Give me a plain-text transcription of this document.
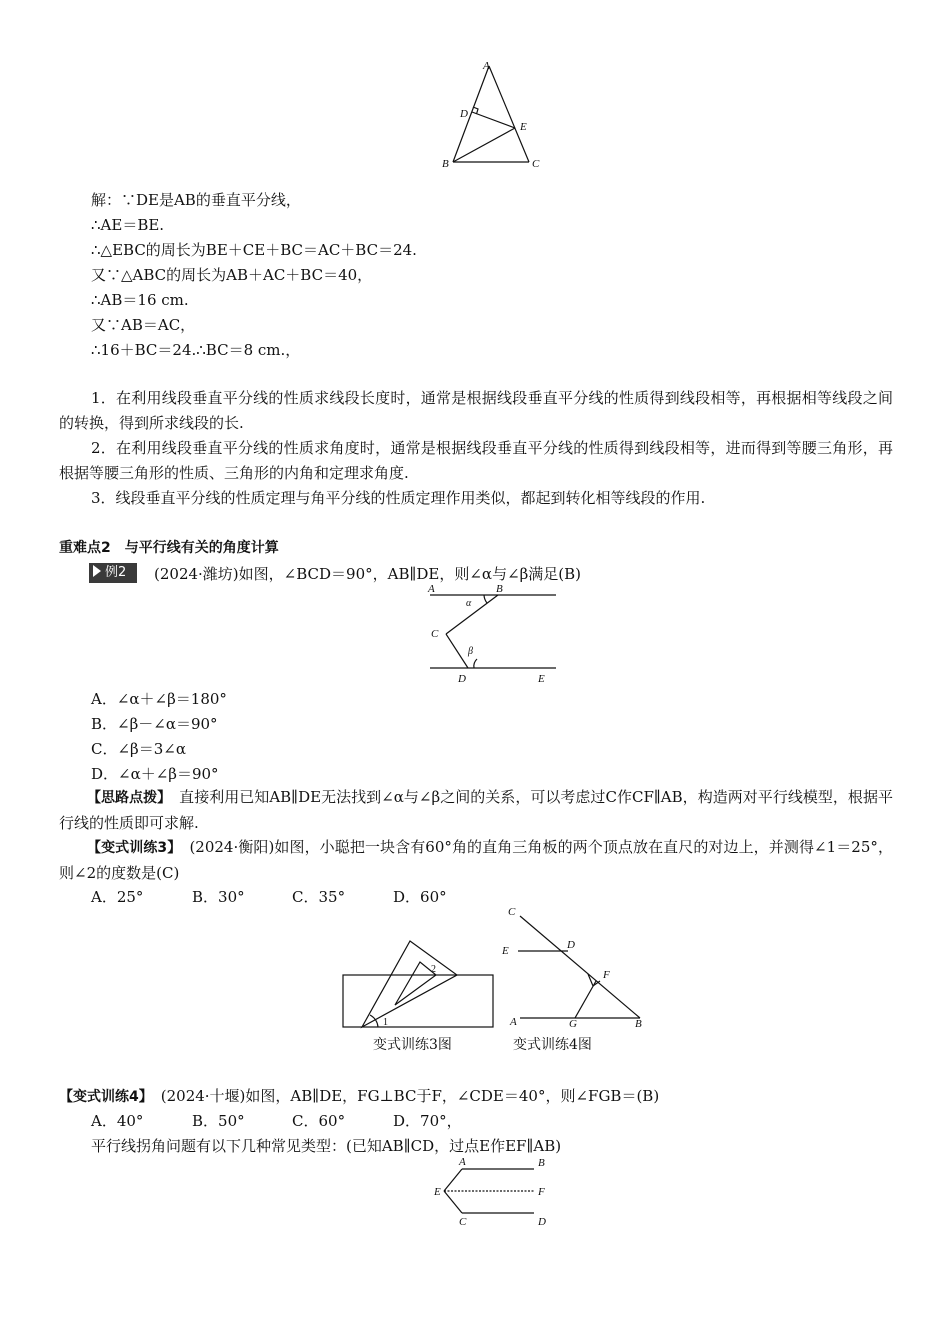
A
D
E
B	C
解：∵DE是AB的垂直平分线，
∴AE＝BE.
∴△EBC的周长为BE＋CE＋BC＝AC＋BC＝24.
又∵△ABC的周长为AB＋AC＋BC＝40，
∴AB＝16 cm.
又∵AB＝AC，
∴16＋BC＝24.∴BC＝8 cm.，
1．在利用线段垂直平分线的性质求线段长度时，通常是根据线段垂直平分线的性质得到线段相等，再根据相等线段之间的转换，得到所求线段的长.
2．在利用线段垂直平分线的性质求角度时，通常是根据线段垂直平分线的性质得到线段相等，进而得到等腰三角形，再根据等腰三角形的性质、三角形的内角和定理求角度.
3．线段垂直平分线的性质定理与角平分线的性质定理作用类似，都起到转化相等线段的作用.
重难点2　与平行线有关的角度计算
例2	(2024·潍坊)如图，∠BCD＝90°，AB∥DE，则∠α与∠β满足(B)
A	B
α
C
β
D	E
A．∠α＋∠β＝180°
B．∠β－∠α＝90°
C．∠β＝3∠α
D．∠α＋∠β＝90°
【思路点拨】　 直接利用已知AB∥DE无法找到∠α与∠β之间的关系，可以考虑过C作CF∥AB，构造两对平行线模型，根据平行线的性质即可求解.
【变式训练3】　 (2024·衡阳)如图，小聪把一块含有60°角的直角三角板的两个顶点放在直尺的对边上，并测得∠1＝25°，则∠2的度数是(C)
A．25°	B．30°	C．35°	D．60°
2
1
变式训练3图
C
D
E
F
A	G	B
变式训练4图
【变式训练4】　 (2024·十堰)如图，AB∥DE，FG⊥BC于F，∠CDE＝40°，则∠FGB＝(B)
A．40°	B．50°	C．60°	D．70°，
平行线拐角问题有以下几种常见类型：(已知AB∥CD，过点E作EF∥AB)
A	B
E	F
C	D
